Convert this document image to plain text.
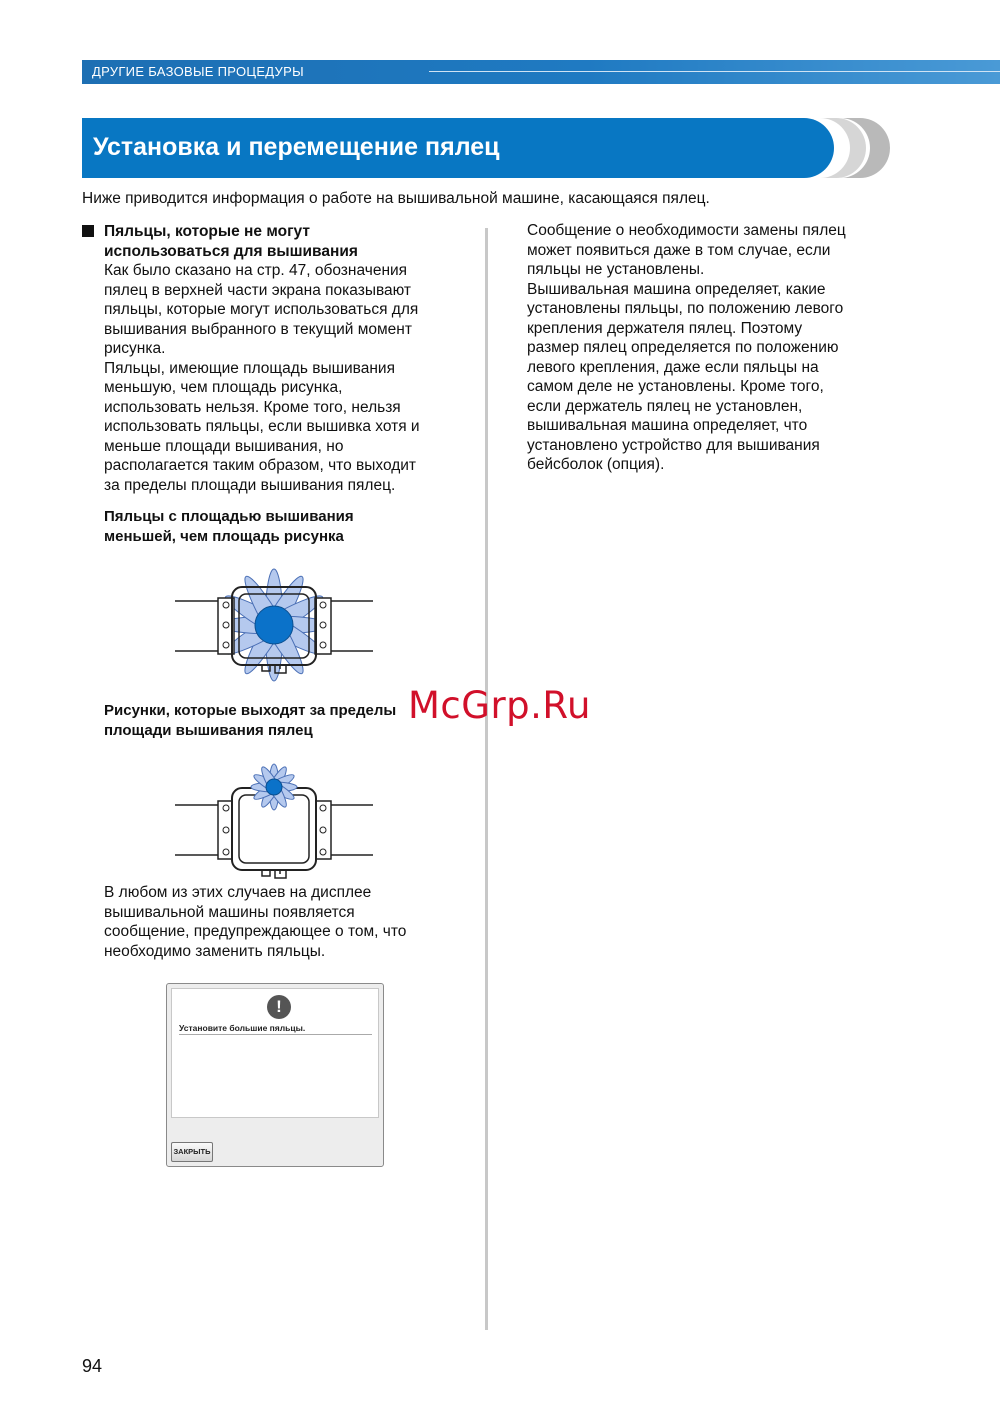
ДРУГИЕ БАЗОВЫЕ ПРОЦЕДУРЫ
Установка и перемещение пялец
Ниже приводится информация о работе на вышивальной машине, касающаяся пялец.
Пяльцы, которые не могут
использоваться для вышивания
Как было сказано на стр. 47, обозначения
пялец в верхней части экрана показывают
пяльцы, которые могут использоваться для
вышивания выбранного в текущий момент
рисунка.
Пяльцы, имеющие площадь вышивания
меньшую, чем площадь рисунка,
использовать нельзя. Кроме того, нельзя
использовать пяльцы, если вышивка хотя и
меньше площади вышивания, но
располагается таким образом, что выходит
за пределы площади вышивания пялец.
Пяльцы с площадью вышивания
меньшей, чем площадь рисунка
Рисунки, которые выходят за пределы
площади вышивания пялец
В любом из этих случаев на дисплее
вышивальной машины появляется
сообщение, предупреждающее о том, что
необходимо заменить пяльцы.
!
Установите большие пяльцы.
ЗАКРЫТЬ
Сообщение о необходимости замены пялец
может появиться даже в том случае, если
пяльцы не установлены.
Вышивальная машина определяет, какие
установлены пяльцы, по положению левого
крепления держателя пялец. Поэтому
размер пялец определяется по положению
левого крепления, даже если пяльцы на
самом деле не установлены. Кроме того,
если держатель пялец не установлен,
вышивальная машина определяет, что
установлено устройство для вышивания
бейсболок (опция).
McGrp.Ru
94
